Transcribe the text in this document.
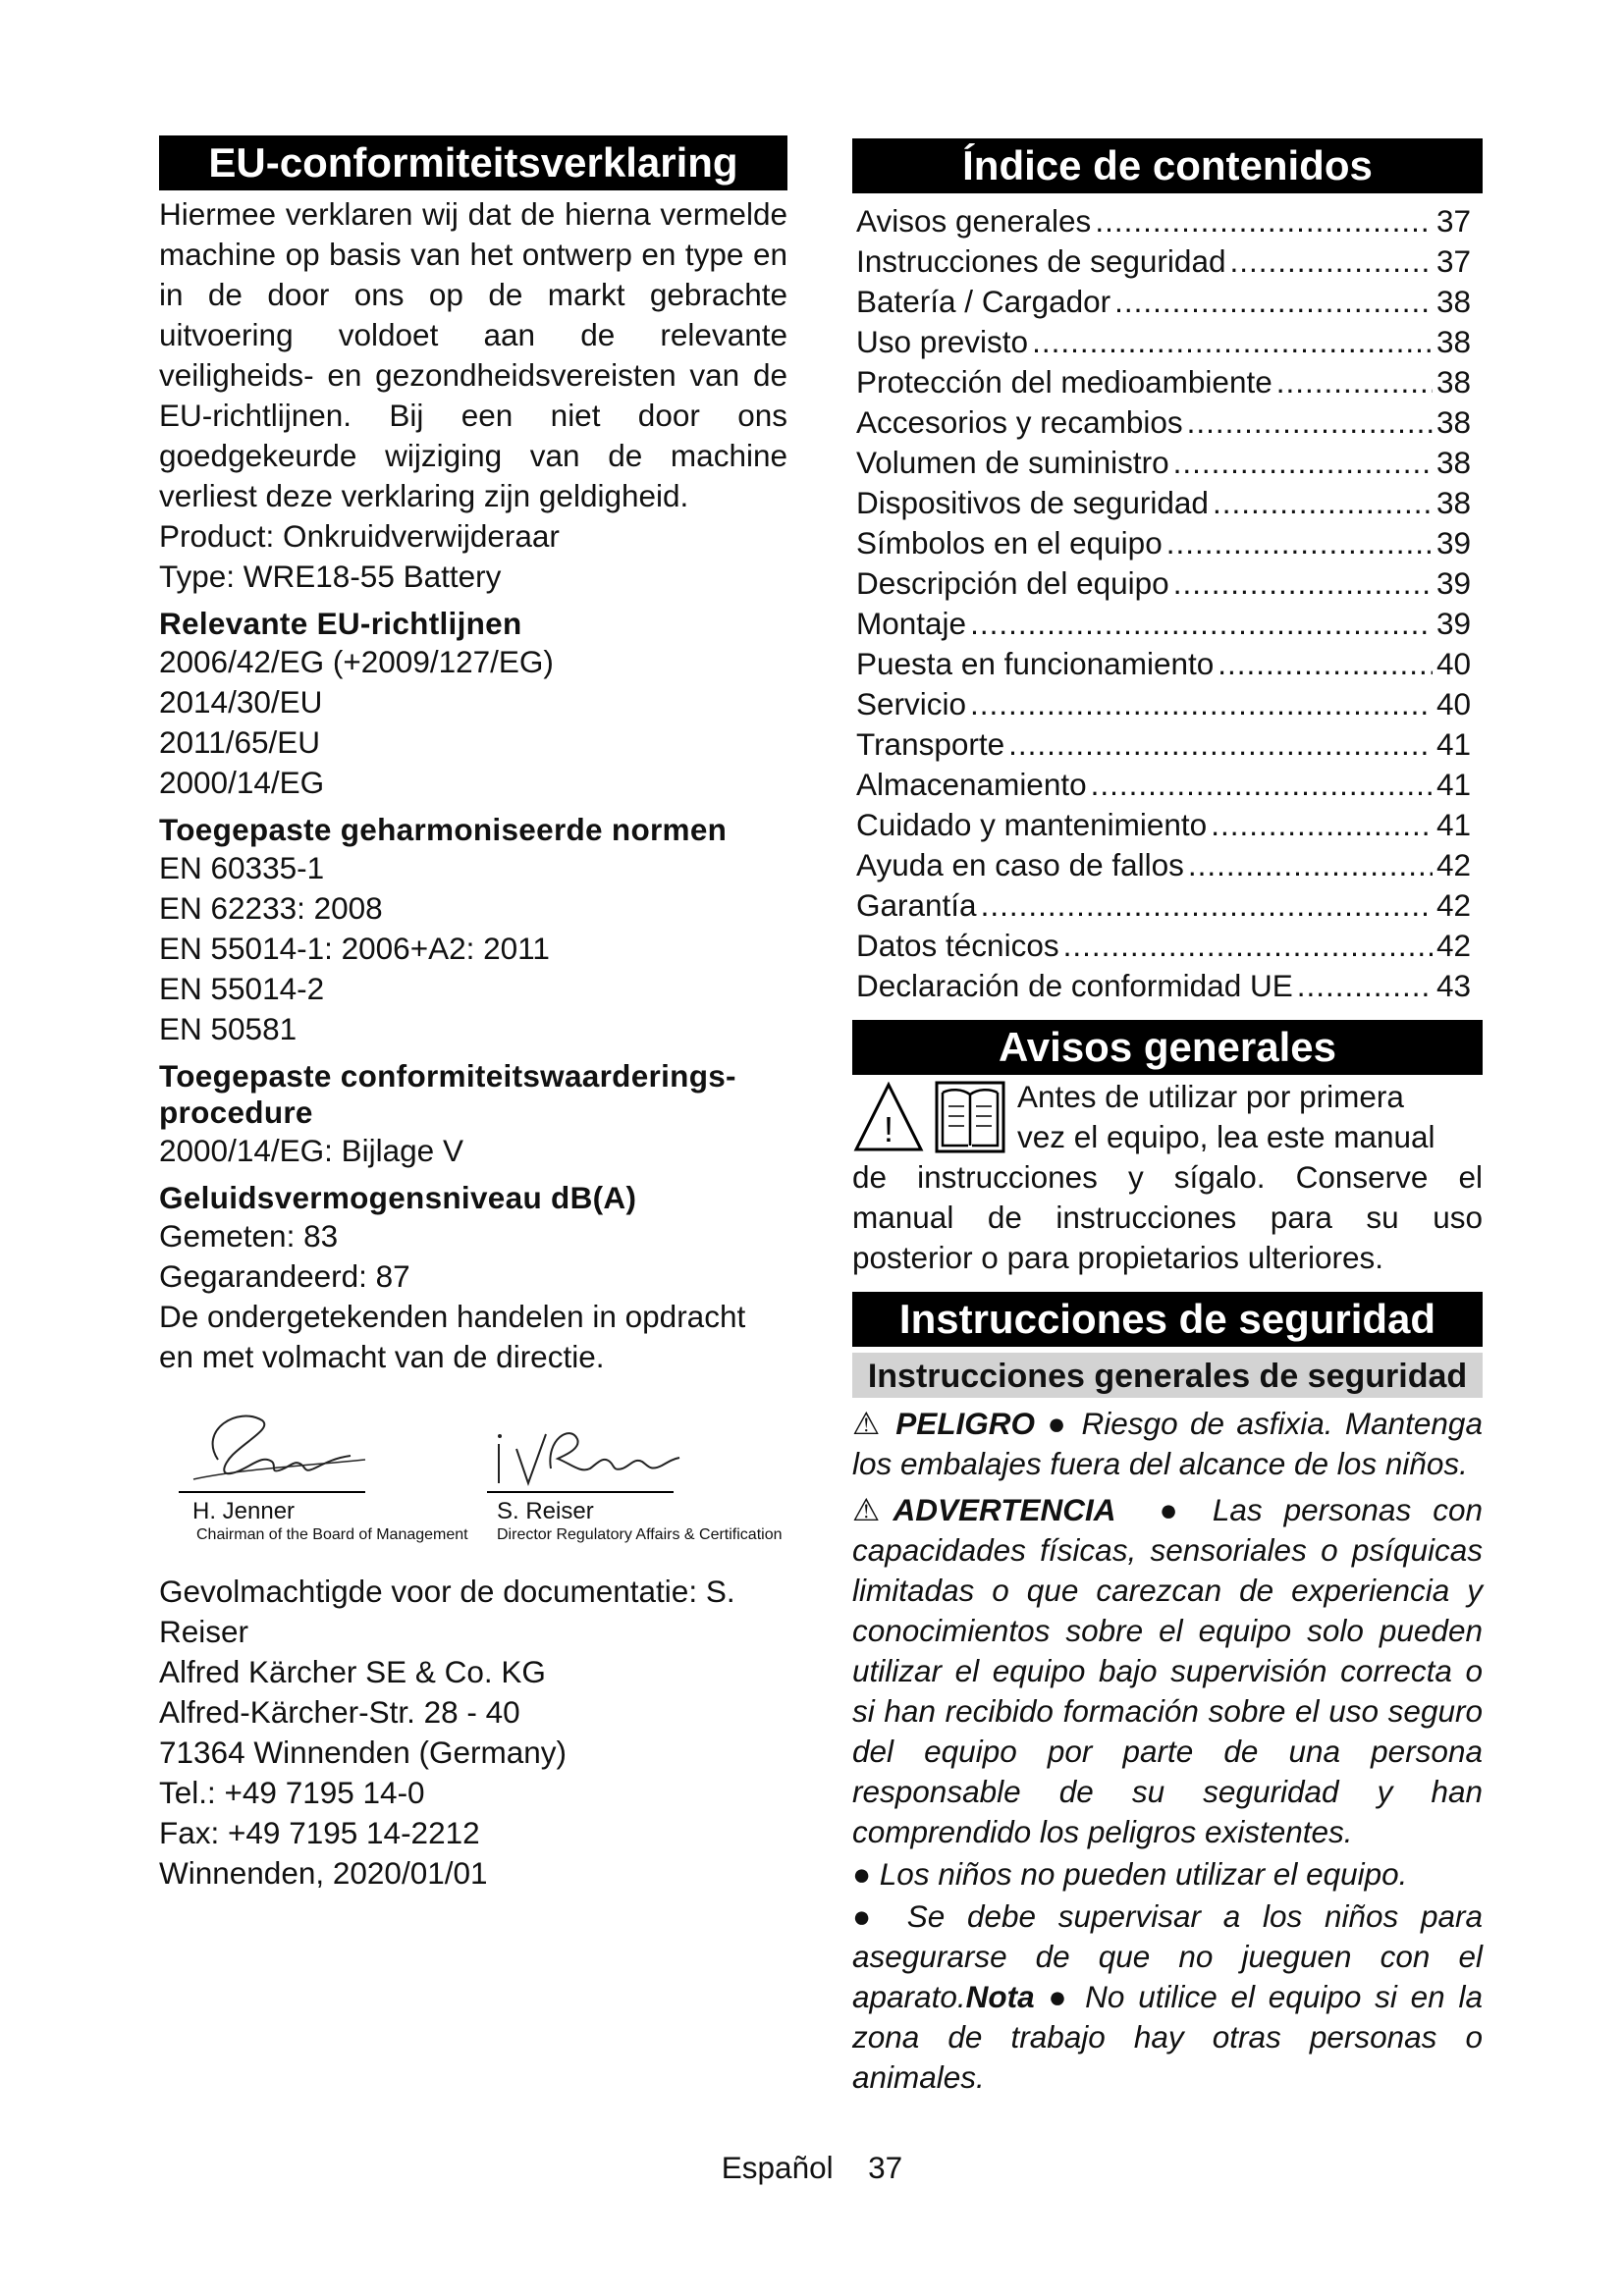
EU-conformiteitsverklaring

Hiermee verklaren wij dat de hierna vermelde machine op basis van het ontwerp en type en in de door ons op de markt gebrachte uitvoering voldoet aan de relevante veiligheids- en gezondheidsvereisten van de EU-richtlijnen. Bij een niet door ons goedgekeurde wijziging van de machine verliest deze verklaring zijn geldigheid.

Product: Onkruidverwijderaar
Type: WRE18-55 Battery
Relevante EU-richtlijnen
2006/42/EG (+2009/127/EG)
2014/30/EU
2011/65/EU
2000/14/EG
Toegepaste geharmoniseerde normen
EN 60335-1
EN 62233: 2008
EN 55014-1: 2006+A2: 2011
EN 55014-2
EN 50581
Toegepaste conformiteitswaarderings-
procedure
2000/14/EG: Bijlage V
Geluidsvermogensniveau dB(A)
Gemeten: 83
Gegarandeerd: 87

De ondergetekenden handelen in opdracht en met volmacht van de directie.

H. Jenner
Chairman of the Board of Management
S. Reiser
Director Regulatory Affairs & Certification
Gevolmachtigde voor de documentatie: S.
Reiser
Alfred Kärcher SE & Co. KG
Alfred-Kärcher-Str. 28 - 40
71364 Winnenden (Germany)
Tel.: +49 7195 14-0
Fax: +49 7195 14-2212
Winnenden, 2020/01/01
Índice de contenidos
Avisos generales .....	37
Instrucciones de seguridad .....	37
Batería / Cargador .....	38
Uso previsto .....	38
Protección del medioambiente .....	38
Accesorios y recambios .....	38
Volumen de suministro .....	38
Dispositivos de seguridad .....	38
Símbolos en el equipo .....	39
Descripción del equipo .....	39
Montaje .....	39
Puesta en funcionamiento .....	40
Servicio .....	40
Transporte .....	41
Almacenamiento .....	41
Cuidado y mantenimiento .....	41
Ayuda en caso de fallos .....	42
Garantía .....	42
Datos técnicos .....	42
Declaración de conformidad UE .....	43
Avisos generales
!
Antes de utilizar por primera
vez el equipo, lea este manual

de instrucciones y sígalo. Conserve el manual de instrucciones para su uso posterior o para propietarios ulteriores.

Instrucciones de seguridad
Instrucciones generales de seguridad

⚠ PELIGRO ● Riesgo de asfixia. Mantenga los embalajes fuera del alcance de los niños.

⚠ADVERTENCIA  ● Las personas con capacidades físicas, sensoriales o psíquicas limitadas o que carezcan de experiencia y conocimientos sobre el equipo solo pueden utilizar el equipo bajo supervisión correcta o si han recibido formación sobre el uso seguro del equipo por parte de una persona responsable de su seguridad y han comprendido los peligros existentes.

● Los niños no pueden utilizar el equipo.

● Se debe supervisar a los niños para asegurarse de que no jueguen con el aparato.Nota ● No utilice el equipo si en la zona de trabajo hay otras personas o animales.

Español 37
